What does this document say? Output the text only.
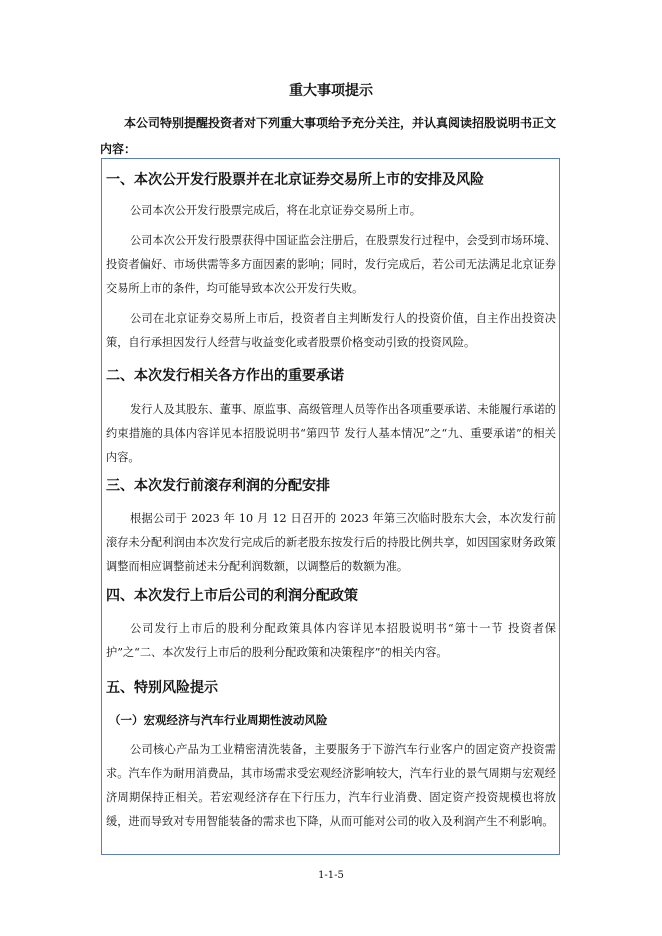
重大事项提示

本公司特别提醒投资者对下列重大事项给予充分关注，并认真阅读招股说明书正文内容：

一、本次公开发行股票并在北京证券交易所上市的安排及风险

公司本次公开发行股票完成后，将在北京证券交易所上市。

公司本次公开发行股票获得中国证监会注册后，在股票发行过程中，会受到市场环境、投资者偏好、市场供需等多方面因素的影响；同时，发行完成后，若公司无法满足北京证券交易所上市的条件，均可能导致本次公开发行失败。

公司在北京证券交易所上市后，投资者自主判断发行人的投资价值，自主作出投资决策，自行承担因发行人经营与收益变化或者股票价格变动引致的投资风险。

二、本次发行相关各方作出的重要承诺

发行人及其股东、董事、原监事、高级管理人员等作出各项重要承诺、未能履行承诺的约束措施的具体内容详见本招股说明书“第四节 发行人基本情况”之“九、重要承诺”的相关内容。

三、本次发行前滚存利润的分配安排

根据公司于 2023 年 10 月 12 日召开的 2023 年第三次临时股东大会，本次发行前滚存未分配利润由本次发行完成后的新老股东按发行后的持股比例共享，如因国家财务政策调整而相应调整前述未分配利润数额，以调整后的数额为准。

四、本次发行上市后公司的利润分配政策

公司发行上市后的股利分配政策具体内容详见本招股说明书“第十一节 投资者保护”之“二、本次发行上市后的股利分配政策和决策程序”的相关内容。

五、特别风险提示
（一）宏观经济与汽车行业周期性波动风险

公司核心产品为工业精密清洗装备，主要服务于下游汽车行业客户的固定资产投资需求。汽车作为耐用消费品，其市场需求受宏观经济影响较大，汽车行业的景气周期与宏观经济周期保持正相关。若宏观经济存在下行压力，汽车行业消费、固定资产投资规模也将放缓，进而导致对专用智能装备的需求也下降，从而可能对公司的收入及利润产生不利影响。

1-1-5
